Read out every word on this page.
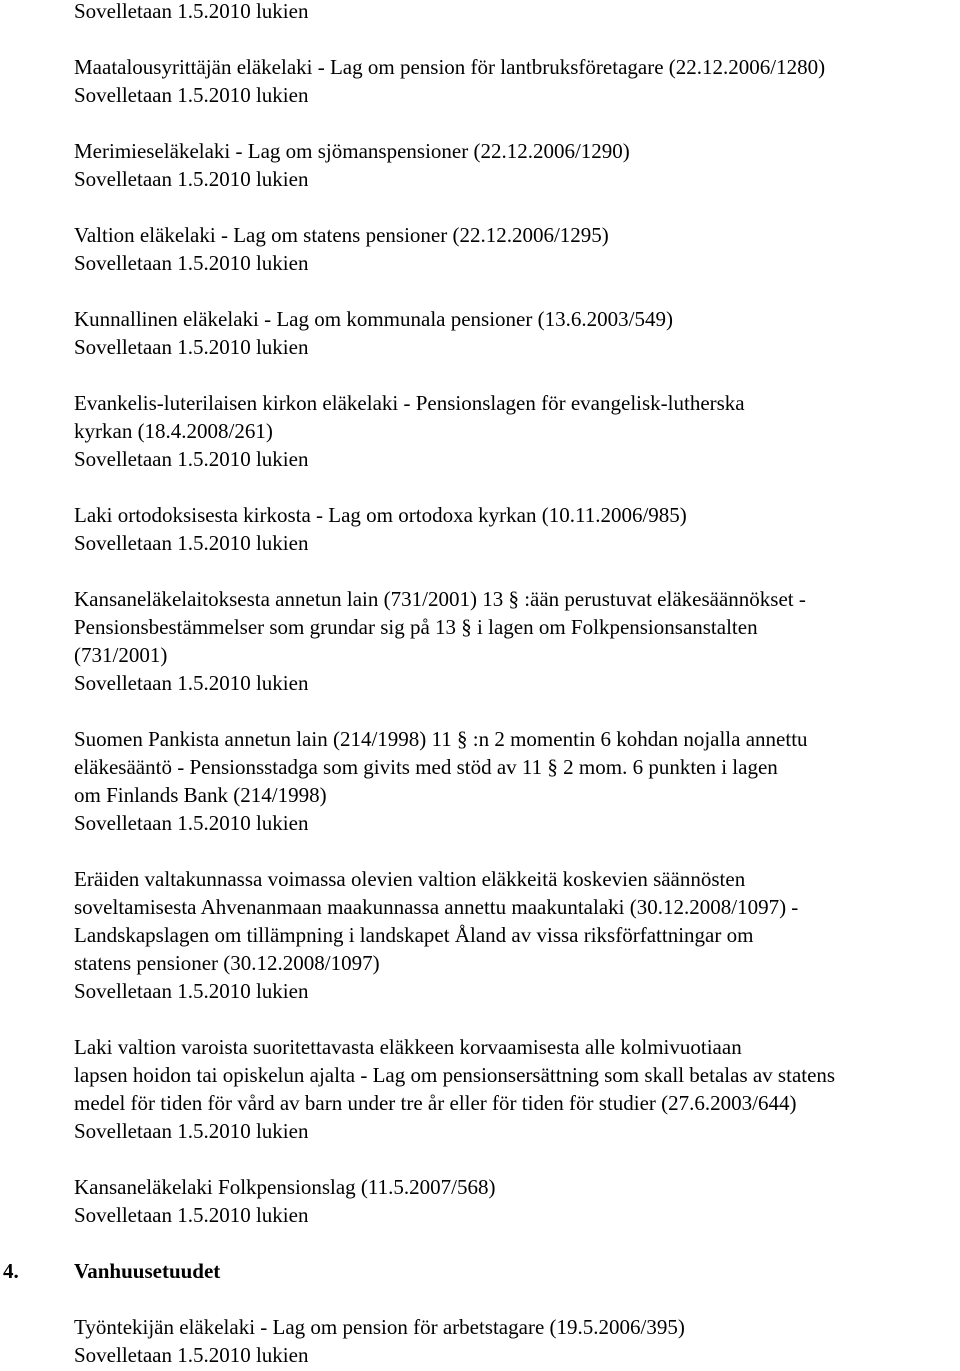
Sovelletaan 1.5.2010 lukien
Maatalousyrittäjän eläkelaki - Lag om pension för lantbruksföretagare (22.12.2006/1280)
Sovelletaan 1.5.2010 lukien
Merimieseläkelaki - Lag om sjömanspensioner (22.12.2006/1290)
Sovelletaan 1.5.2010 lukien
Valtion eläkelaki - Lag om statens pensioner (22.12.2006/1295)
Sovelletaan 1.5.2010 lukien
Kunnallinen eläkelaki - Lag om kommunala pensioner (13.6.2003/549)
Sovelletaan 1.5.2010 lukien
Evankelis-luterilaisen kirkon eläkelaki - Pensionslagen för evangelisk-lutherska
kyrkan (18.4.2008/261)
Sovelletaan 1.5.2010 lukien
Laki ortodoksisesta kirkosta - Lag om ortodoxa kyrkan (10.11.2006/985)
Sovelletaan 1.5.2010 lukien
Kansaneläkelaitoksesta annetun lain (731/2001) 13 § :ään perustuvat eläkesäännökset -
Pensionsbestämmelser som grundar sig på 13 § i lagen om Folkpensionsanstalten
(731/2001)
Sovelletaan 1.5.2010 lukien
Suomen Pankista annetun lain (214/1998) 11 § :n 2 momentin 6 kohdan nojalla annettu
eläkesääntö - Pensionsstadga som givits med stöd av 11 § 2 mom. 6 punkten i lagen
om Finlands Bank (214/1998)
Sovelletaan 1.5.2010 lukien
Eräiden valtakunnassa voimassa olevien valtion eläkkeitä koskevien säännösten
soveltamisesta Ahvenanmaan maakunnassa annettu maakuntalaki (30.12.2008/1097) -
Landskapslagen om tillämpning i landskapet Åland av vissa riksförfattningar om
statens pensioner (30.12.2008/1097)
Sovelletaan 1.5.2010 lukien
Laki valtion varoista suoritettavasta eläkkeen korvaamisesta alle kolmivuotiaan
lapsen hoidon tai opiskelun ajalta - Lag om pensionsersättning som skall betalas av statens
medel för tiden för vård av barn under tre år eller för tiden för studier (27.6.2003/644)
Sovelletaan 1.5.2010 lukien
Kansaneläkelaki Folkpensionslag (11.5.2007/568)
Sovelletaan 1.5.2010 lukien
4.	Vanhuusetuudet
Työntekijän eläkelaki - Lag om pension för arbetstagare (19.5.2006/395)
Sovelletaan 1.5.2010 lukien
